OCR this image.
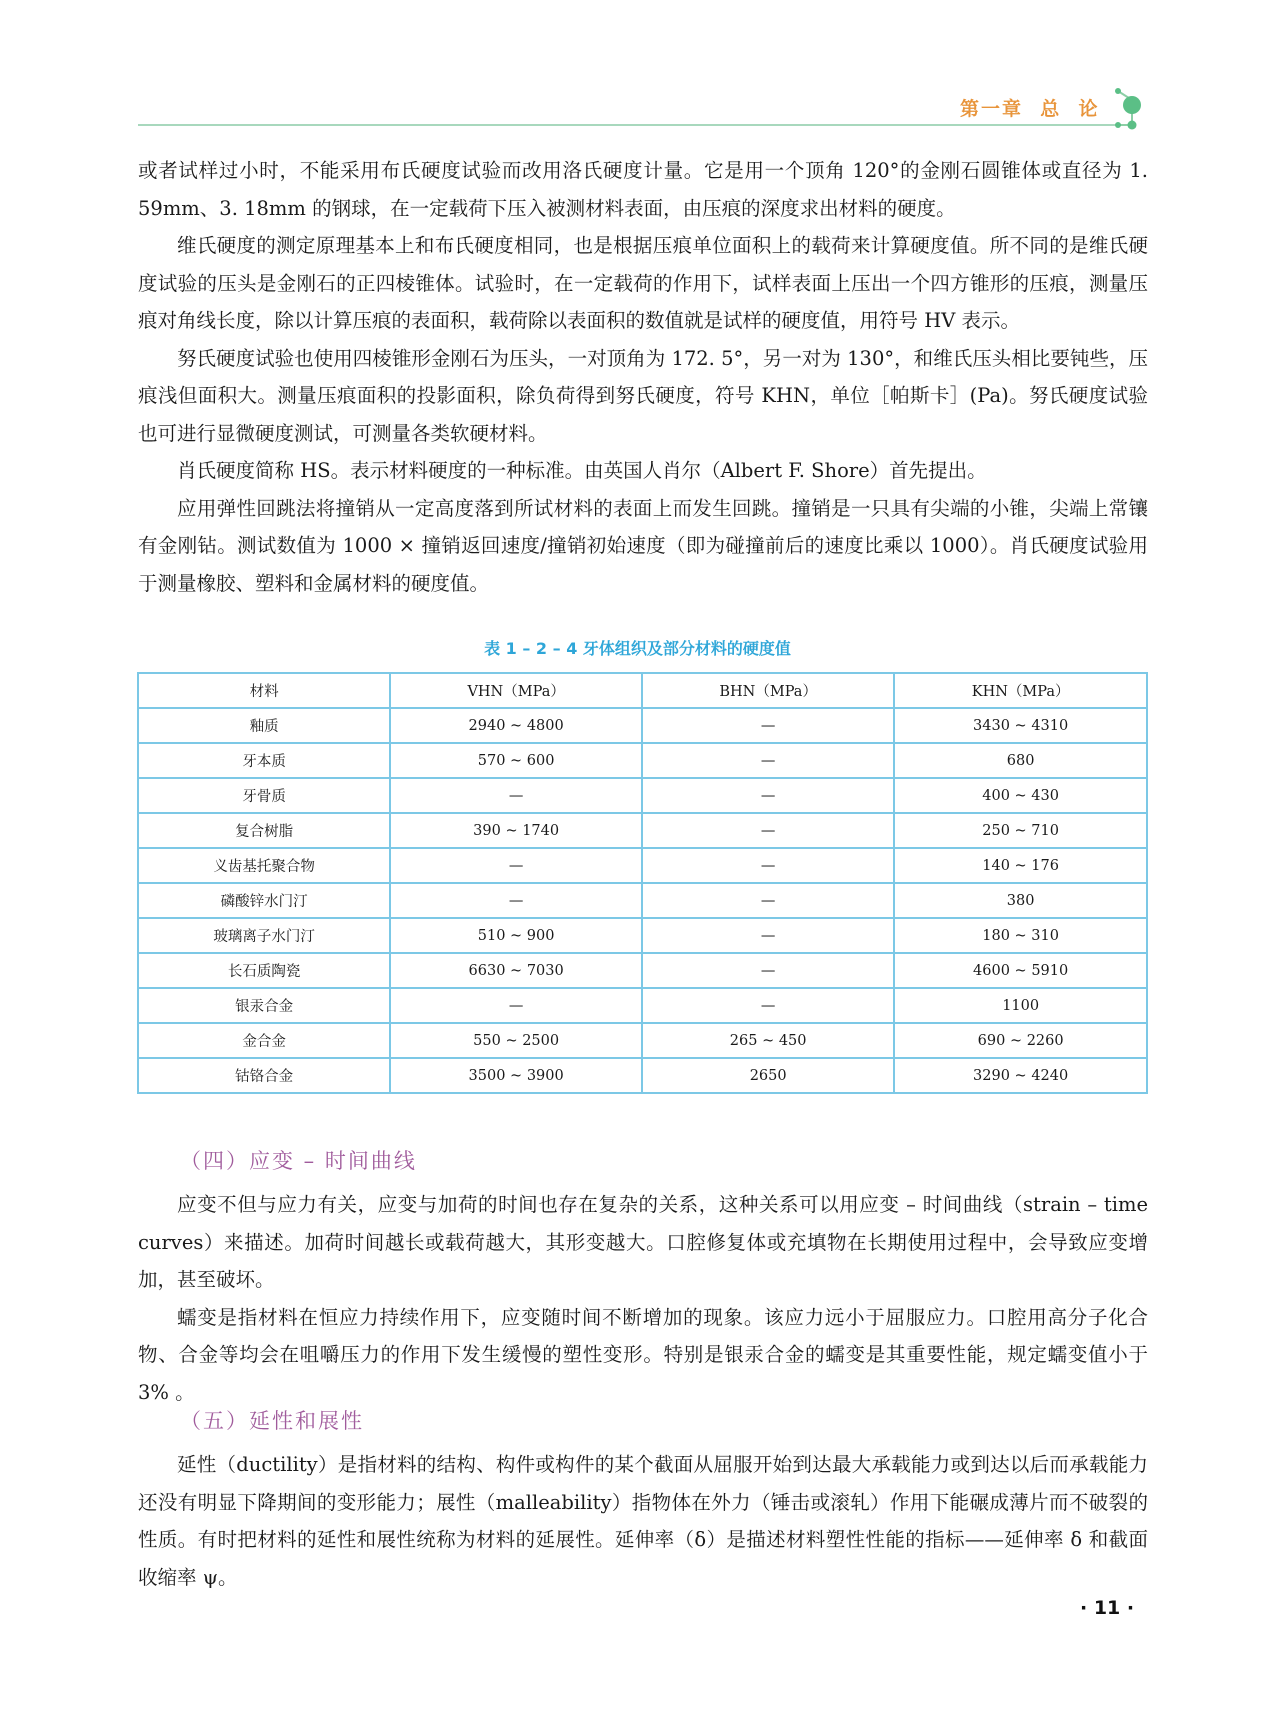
第一章  总  论

或者试样过小时，不能采用布氏硬度试验而改用洛氏硬度计量。它是用一个顶角 120°的金刚石圆锥体或直径为 1. 59mm、3. 18mm 的钢球，在一定载荷下压入被测材料表面，由压痕的深度求出材料的硬度。

维氏硬度的测定原理基本上和布氏硬度相同，也是根据压痕单位面积上的载荷来计算硬度值。所不同的是维氏硬度试验的压头是金刚石的正四棱锥体。试验时，在一定载荷的作用下，试样表面上压出一个四方锥形的压痕，测量压痕对角线长度，除以计算压痕的表面积，载荷除以表面积的数值就是试样的硬度值，用符号 HV 表示。

努氏硬度试验也使用四棱锥形金刚石为压头，一对顶角为 172. 5°，另一对为 130°，和维氏压头相比要钝些，压痕浅但面积大。测量压痕面积的投影面积，除负荷得到努氏硬度，符号 KHN，单位［帕斯卡］(Pa)。努氏硬度试验也可进行显微硬度测试，可测量各类软硬材料。

肖氏硬度简称 HS。表示材料硬度的一种标准。由英国人肖尔（Albert F. Shore）首先提出。

应用弹性回跳法将撞销从一定高度落到所试材料的表面上而发生回跳。撞销是一只具有尖端的小锥，尖端上常镶有金刚钻。测试数值为 1000 × 撞销返回速度/撞销初始速度（即为碰撞前后的速度比乘以 1000）。肖氏硬度试验用于测量橡胶、塑料和金属材料的硬度值。

表 1 – 2 – 4 牙体组织及部分材料的硬度值
材料	VHN（MPa）	BHN（MPa）	KHN（MPa）
釉质	2940 ~ 4800	—	3430 ~ 4310
牙本质	570 ~ 600	—	680
牙骨质	—	—	400 ~ 430
复合树脂	390 ~ 1740	—	250 ~ 710
义齿基托聚合物	—	—	140 ~ 176
磷酸锌水门汀	—	—	380
玻璃离子水门汀	510 ~ 900	—	180 ~ 310
长石质陶瓷	6630 ~ 7030	—	4600 ~ 5910
银汞合金	—	—	1100
金合金	550 ~ 2500	265 ~ 450	690 ~ 2260
钴铬合金	3500 ~ 3900	2650	3290 ~ 4240
（四）应变 – 时间曲线

应变不但与应力有关，应变与加荷的时间也存在复杂的关系，这种关系可以用应变 – 时间曲线（strain – time curves）来描述。加荷时间越长或载荷越大，其形变越大。口腔修复体或充填物在长期使用过程中，会导致应变增加，甚至破坏。

蠕变是指材料在恒应力持续作用下，应变随时间不断增加的现象。该应力远小于屈服应力。口腔用高分子化合物、合金等均会在咀嚼压力的作用下发生缓慢的塑性变形。特别是银汞合金的蠕变是其重要性能，规定蠕变值小于 3% 。

（五）延性和展性

延性（ductility）是指材料的结构、构件或构件的某个截面从屈服开始到达最大承载能力或到达以后而承载能力还没有明显下降期间的变形能力；展性（malleability）指物体在外力（锤击或滚轧）作用下能碾成薄片而不破裂的性质。有时把材料的延性和展性统称为材料的延展性。延伸率（δ）是描述材料塑性性能的指标——延伸率 δ 和截面收缩率 ψ。

· 11 ·
